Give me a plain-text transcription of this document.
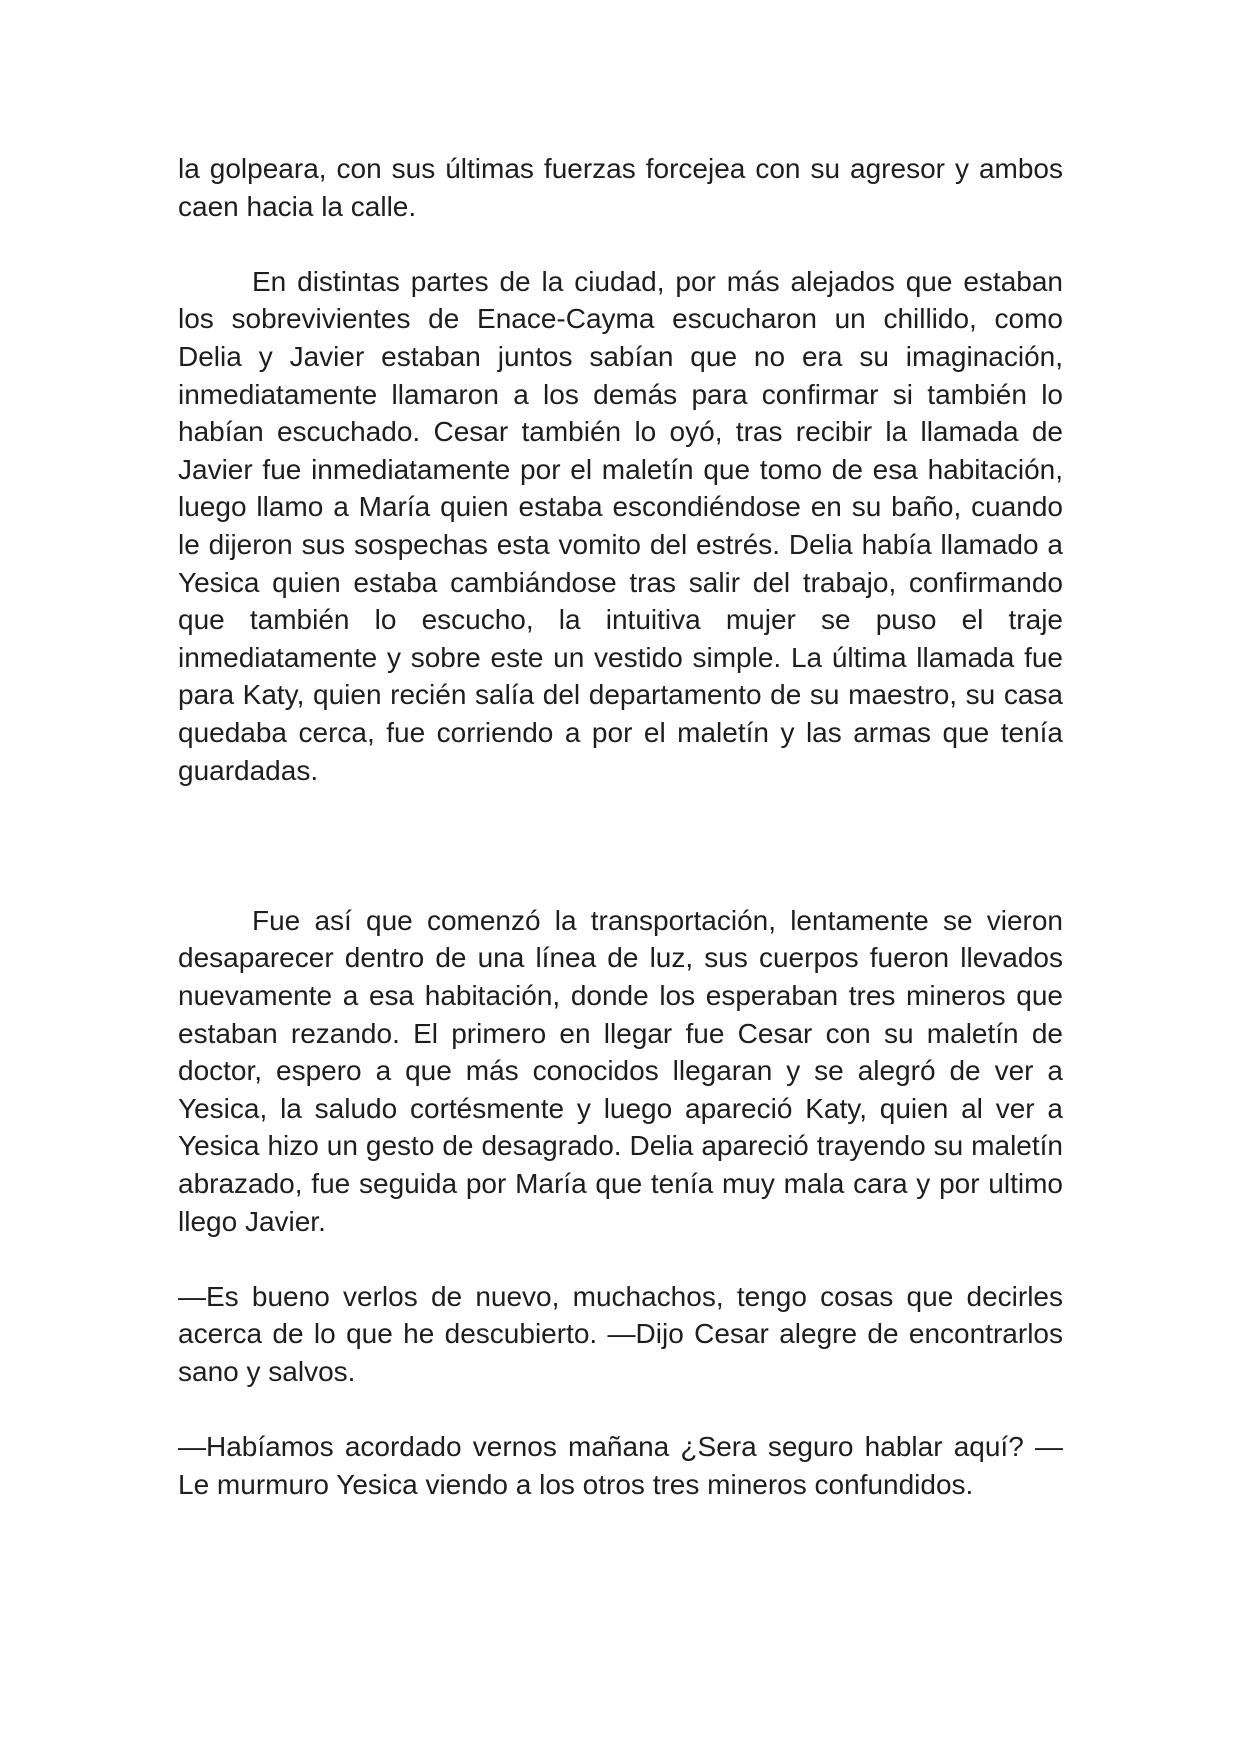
la golpeara, con sus últimas fuerzas forcejea con su agresor y ambos caen hacia la calle.

En distintas partes de la ciudad, por más alejados que estaban los sobrevivientes de Enace-Cayma escucharon un chillido, como Delia y Javier estaban juntos sabían que no era su imaginación, inmediatamente llamaron a los demás para confirmar si también lo habían escuchado. Cesar también lo oyó, tras recibir la llamada de Javier fue inmediatamente por el maletín que tomo de esa habitación, luego llamo a María quien estaba escondiéndose en su baño, cuando le dijeron sus sospechas esta vomito del estrés. Delia había llamado a Yesica quien estaba cambiándose tras salir del trabajo, confirmando que también lo escucho, la intuitiva mujer se puso el traje inmediatamente y sobre este un vestido simple. La última llamada fue para Katy, quien recién salía del departamento de su maestro, su casa quedaba cerca, fue corriendo a por el maletín y las armas que tenía guardadas.

Fue así que comenzó la transportación, lentamente se vieron desaparecer dentro de una línea de luz, sus cuerpos fueron llevados nuevamente a esa habitación, donde los esperaban tres mineros que estaban rezando. El primero en llegar fue Cesar con su maletín de doctor, espero a que más conocidos llegaran y se alegró de ver a Yesica, la saludo cortésmente y luego apareció Katy, quien al ver a Yesica hizo un gesto de desagrado. Delia apareció trayendo su maletín abrazado, fue seguida por María que tenía muy mala cara y por ultimo llego Javier.

—Es bueno verlos de nuevo, muchachos, tengo cosas que decirles acerca de lo que he descubierto. —Dijo Cesar alegre de encontrarlos sano y salvos.

—Habíamos acordado vernos mañana ¿Sera seguro hablar aquí? —Le murmuro Yesica viendo a los otros tres mineros confundidos.
